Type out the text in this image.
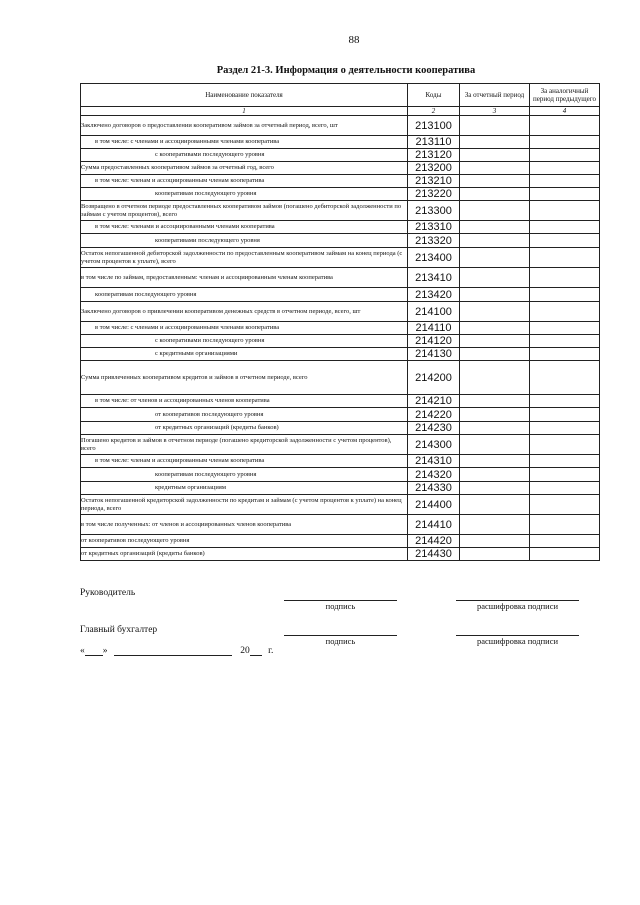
88
Раздел 21-3. Информация о деятельности кооператива
Наименование показателя	Коды	За отчетный период	За аналогичный период предыдущего
1	2	3	4
Заключено договоров о предоставлении кооперативом займов за отчетный период, всего, шт	213100		
в том числе: с членами и ассоциированными членами кооператива	213110		
с кооперативами последующего уровня	213120		
Сумма предоставленных кооперативом займов за отчетный год, всего	213200		
в том числе: членам и ассоциированным членам кооператива	213210		
кооперативам последующего уровня	213220		
Возвращено в отчетном периоде предоставленных кооперативом займов (погашено дебиторской задолженности по займам с учетом процентов), всего	213300		
в том числе: членами и ассоциированными членами кооператива	213310		
кооперативами последующего уровня	213320		
Остаток непогашенной дебиторской задолженности по предоставленным кооперативом займам на конец периода (с учетом процентов к уплате), всего	213400		
в том числе по займам, предоставленным: членам и ассоциированным членам кооператива	213410		
кооперативам последующего уровня	213420		
Заключено договоров о привлечении кооперативом денежных средств в отчетном периоде, всего, шт	214100		
в том числе: с членами и ассоциированными членами кооператива	214110		
с кооперативами последующего уровня	214120		
с кредитными организациями	214130		
Сумма привлеченных кооперативом кредитов и займов в отчетном периоде, всего	214200		
в том числе: от членов и ассоциированных членов кооператива	214210		
от кооперативов последующего уровня	214220		
от кредитных организаций (кредиты банков)	214230		
Погашено кредитов и займов в отчетном периоде (погашено кредиторской задолженности с учетом процентов), всего	214300		
в том числе: членам и ассоциированным членам кооператива	214310		
кооперативам последующего уровня	214320		
кредитным организациям	214330		
Остаток непогашенной кредиторской задолженности по кредитам и займам (с учетом процентов к уплате) на конец периода, всего	214400		
в том числе полученных: от членов и ассоциированных членов кооператива	214410		
от кооперативов последующего уровня	214420		
от кредитных организаций (кредиты банков)	214430		
Руководитель
подпись	расшифровка подписи
Главный бухгалтер
подпись	расшифровка подписи
« »	20 г.
